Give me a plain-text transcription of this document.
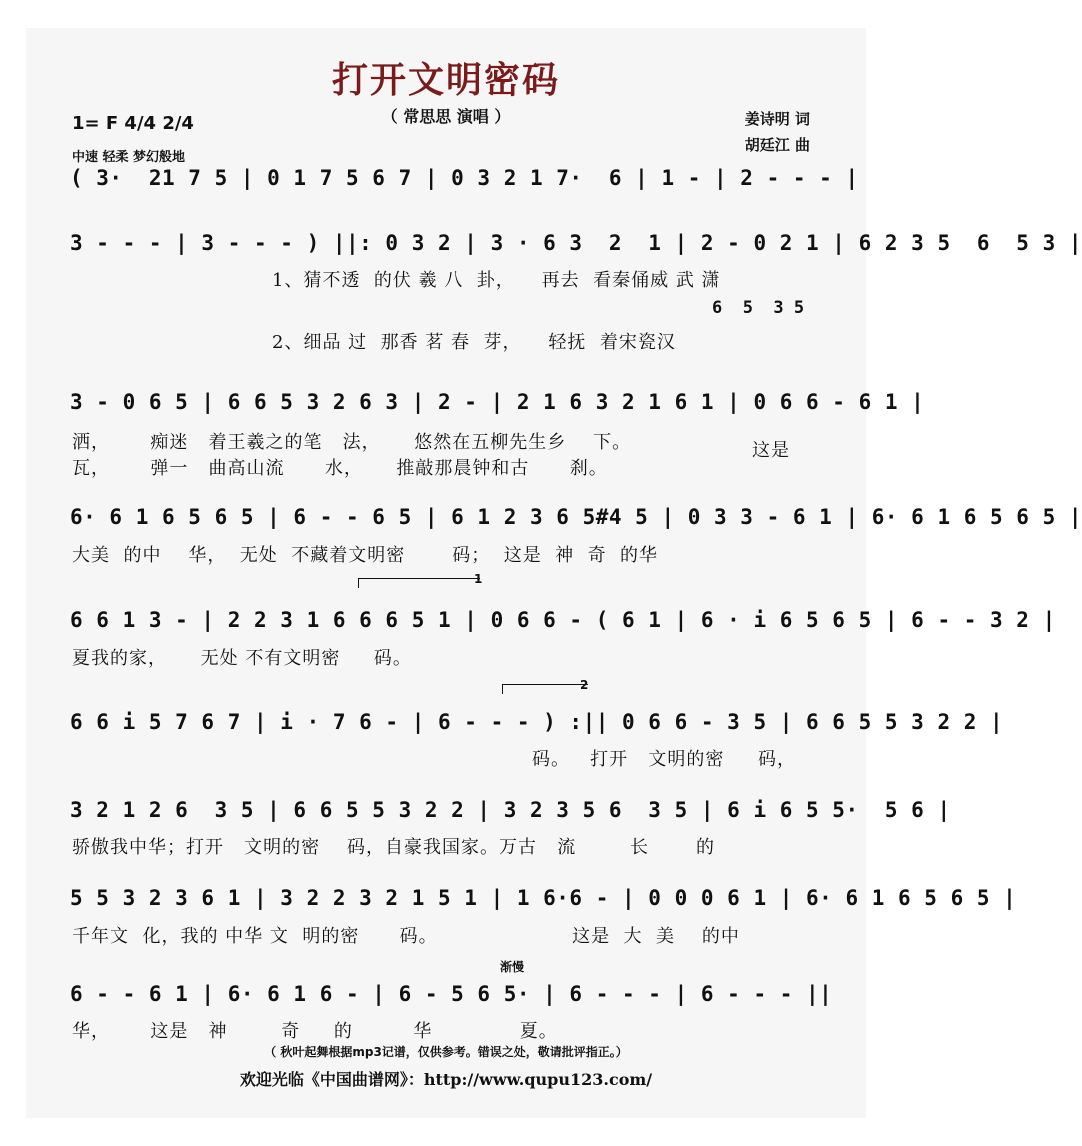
打开文明密码
（ 常思思 演唱 ）
1= F 4/4 2/4
中速 轻柔 梦幻般地
姜诗明 词
胡廷江 曲
( 3·  21 7 5 | 0 1 7 5 6 7 | 0 3 2 1 7·  6 | 1 - | 2 - - - |
3 - - - | 3 - - - ) ||: 0 3 2 | 3 · 6 3  2  1 | 2 - 0 2 1 | 6 2 3 5  6  5 3 |
1、猜不透  的伏 羲 八  卦，    再去  看秦俑威 武 潇
6  5  3 5
2、细品 过  那香 茗 春  芽，    轻抚  着宋瓷汉
3 - 0 6 5 | 6 6 5 3 2 6 3 | 2 - | 2 1 6 3 2 1 6 1 | 0 6 6 - 6 1 |
洒，      痴迷   着王羲之的笔   法，     悠然在五柳先生乡    下。
瓦，      弹一   曲高山流      水，     推敲那晨钟和古      刹。
这是
6· 6 1 6 5 6 5 | 6 - - 6 5 | 6 1 2 3 6 5#4 5 | 0 3 3 - 6 1 | 6· 6 1 6 5 6 5 |
大美  的中    华，  无处  不藏着文明密       码；  这是  神  奇  的华
1
6 6 1 3 - | 2 2 3 1 6 6 6 5 1 | 0 6 6 - ( 6 1 | 6 · i 6 5 6 5 | 6 - - 3 2 |
夏我的家，     无处 不有文明密     码。
2
6 6 i 5 7 6 7 | i · 7 6 - | 6 - - - ) :|| 0 6 6 - 3 5 | 6 6 5 5 3 2 2 |
码。   打开   文明的密     码，
3 2 1 2 6  3 5 | 6 6 5 5 3 2 2 | 3 2 3 5 6  3 5 | 6 i 6 5 5·  5 6 |
骄傲我中华；打开   文明的密    码，自豪我国家。万古   流        长       的
5 5 3 2 3 6 1 | 3 2 2 3 2 1 5 1 | 1 6·6 - | 0 0 0 6 1 | 6· 6 1 6 5 6 5 |
千年文  化，我的 中华 文  明的密      码。                    这是  大  美    的中
渐慢
6 - - 6 1 | 6· 6 1 6 - | 6 - 5 6 5· | 6 - - - | 6 - - - ||
华，      这是   神        奇     的         华             夏。
（ 秋叶起舞根据mp3记谱，仅供参考。错误之处，敬请批评指正。）
欢迎光临《中国曲谱网》：http://www.qupu123.com/
